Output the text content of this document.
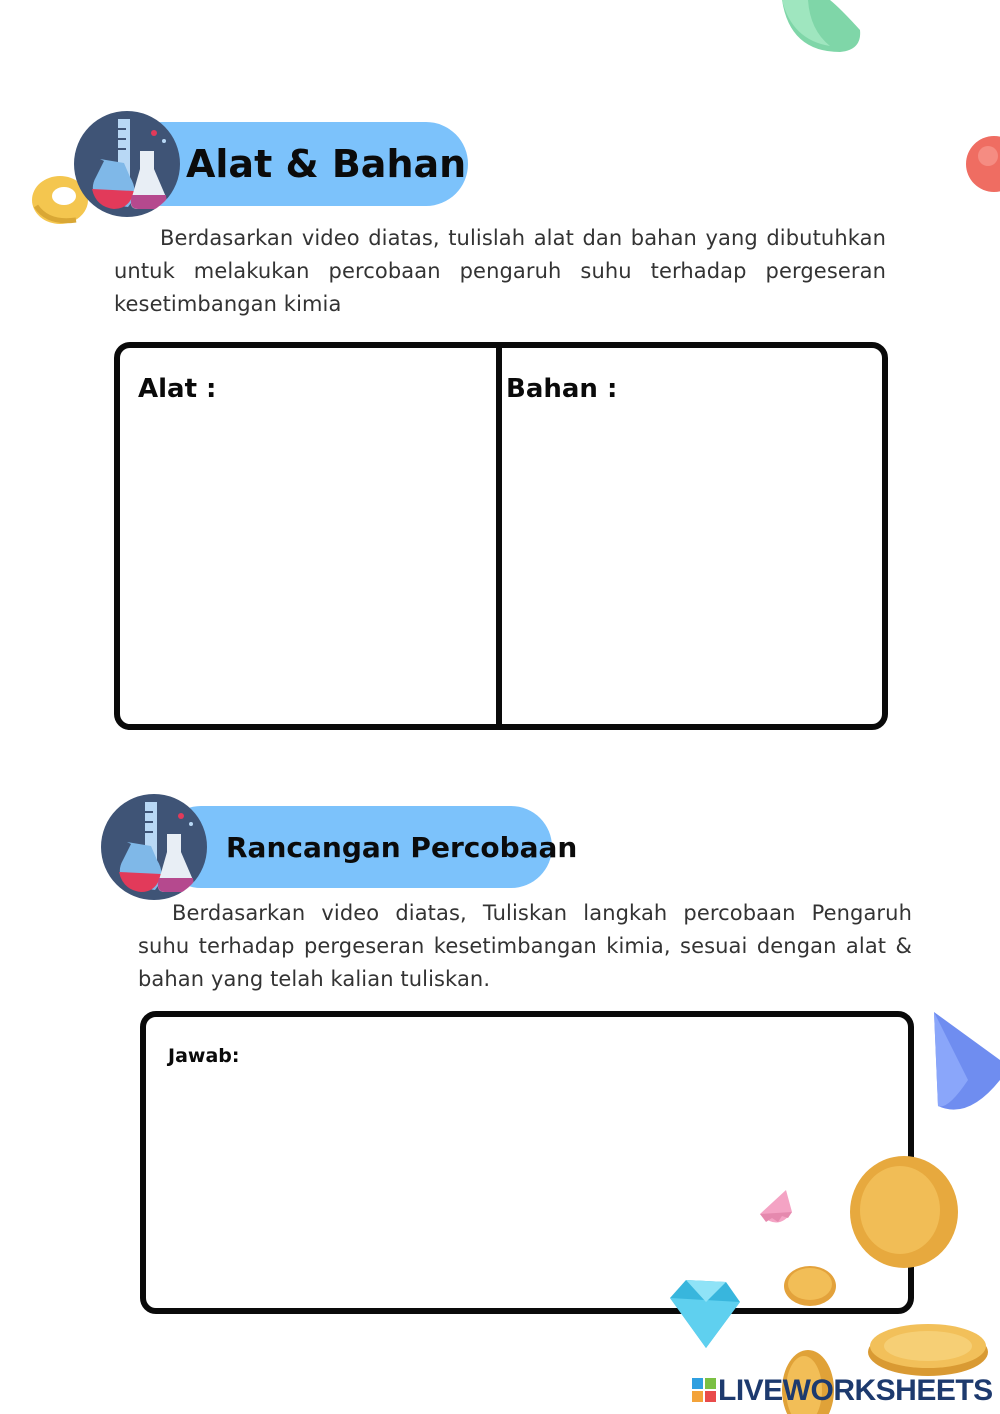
Alat & Bahan

Berdasarkan video diatas, tulislah alat dan bahan yang dibutuhkan untuk melakukan percobaan pengaruh suhu terhadap pergeseran kesetimbangan kimia

Alat :	Bahan :
Rancangan Percobaan

Berdasarkan video diatas, Tuliskan langkah percobaan Pengaruh suhu terhadap pergeseran kesetimbangan kimia, sesuai dengan alat & bahan yang telah kalian tuliskan.

Jawab:
LIVEWORKSHEETS
